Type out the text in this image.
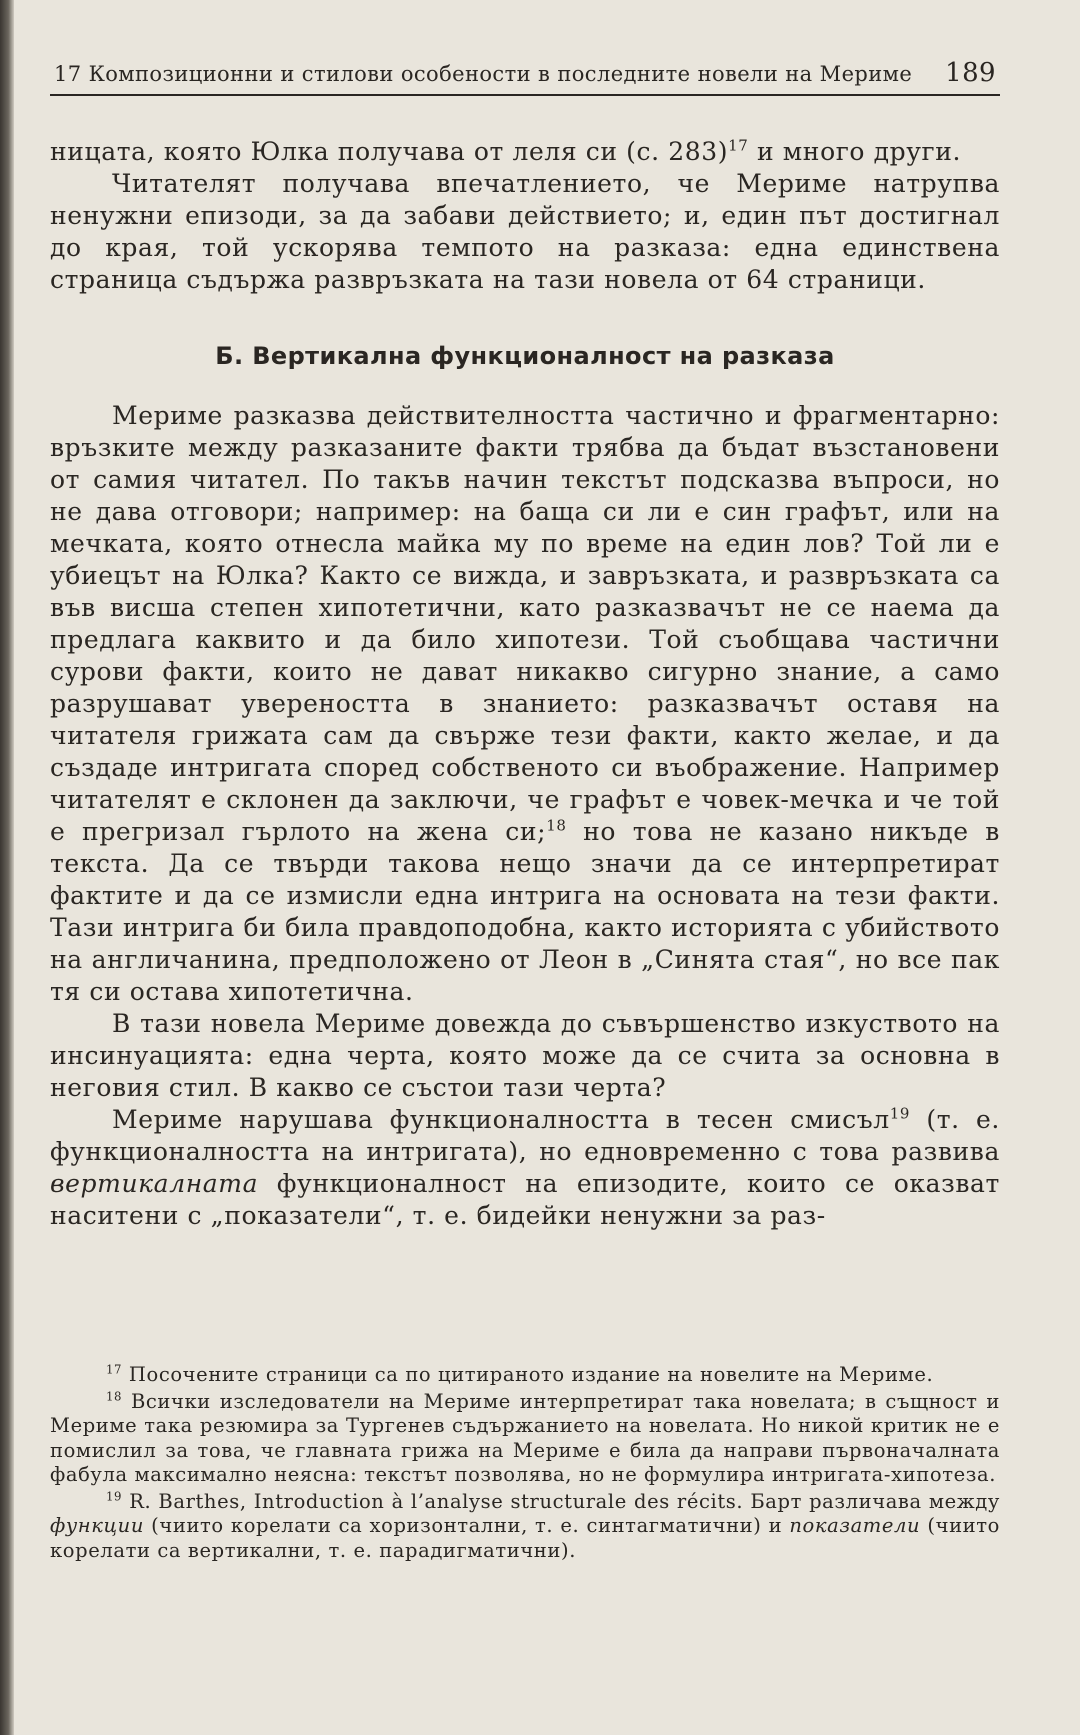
17 Композиционни и стилови особености в последните новели на Мериме 189

ницата, която Юлка получава от леля си (с. 283)$^{17}$ и много други.

Читателят получава впечатлението, че Мериме натрупва ненужни епизоди, за да забави действието; и, един път достигнал до края, той ускорява темпото на разказа: една единствена страница съдържа развръзката на тази новела от 64 страници.

Б. Вертикална функционалност на разказа

Мериме разказва действителността частично и фрагментарно: връзките между разказаните факти трябва да бъдат възстановени от самия читател. По такъв начин текстът подсказва въпроси, но не дава отговори; например: на баща си ли е син графът, или на мечката, която отнесла майка му по време на един лов? Той ли е убиецът на Юлка? Както се вижда, и завръзката, и развръзката са във висша степен хипотетични, като разказвачът не се наема да предлага каквито и да било хипотези. Той съобщава частични сурови факти, които не дават никакво сигурно знание, а само разрушават увереността в знанието: разказвачът оставя на читателя грижата сам да свърже тези факти, както желае, и да създаде интригата според собственото си въображение. Например читателят е склонен да заключи, че графът е човек-мечка и че той е прегризал гърлото на жена си;$^{18}$ но това не казано никъде в текста. Да се твърди такова нещо значи да се интерпретират фактите и да се измисли една интрига на основата на тези факти. Тази интрига би била правдоподобна, както историята с убийството на англичанина, предположено от Леон в „Синята стая“, но все пак тя си остава хипотетична.

В тази новела Мериме довежда до съвършенство изкуството на инсинуацията: една черта, която може да се счита за основна в неговия стил. В какво се състои тази черта?

Мериме нарушава функционалността в тесен смисъл$^{19}$ (т. е. функционалността на интригата), но едновременно с това развива вертикалната функционалност на епизодите, които се оказват наситени с „показатели“, т. е. бидейки ненужни за раз-

$^{17}$ Посочените страници са по цитираното издание на новелите на Мериме.

$^{18}$ Всички изследователи на Мериме интерпретират така новелата; в същност и Мериме така резюмира за Тургенев съдържанието на новелата. Но никой критик не е помислил за това, че главната грижа на Мериме е била да направи първоначалната фабула максимално неясна: текстът позволява, но не формулира интригата-хипотеза.

$^{19}$ R. Barthes, Introduction à l’analyse structurale des récits. Барт различава между функции (чиито корелати са хоризонтални, т. е. синтагматични) и показатели (чиито корелати са вертикални, т. е. парадигматични).
